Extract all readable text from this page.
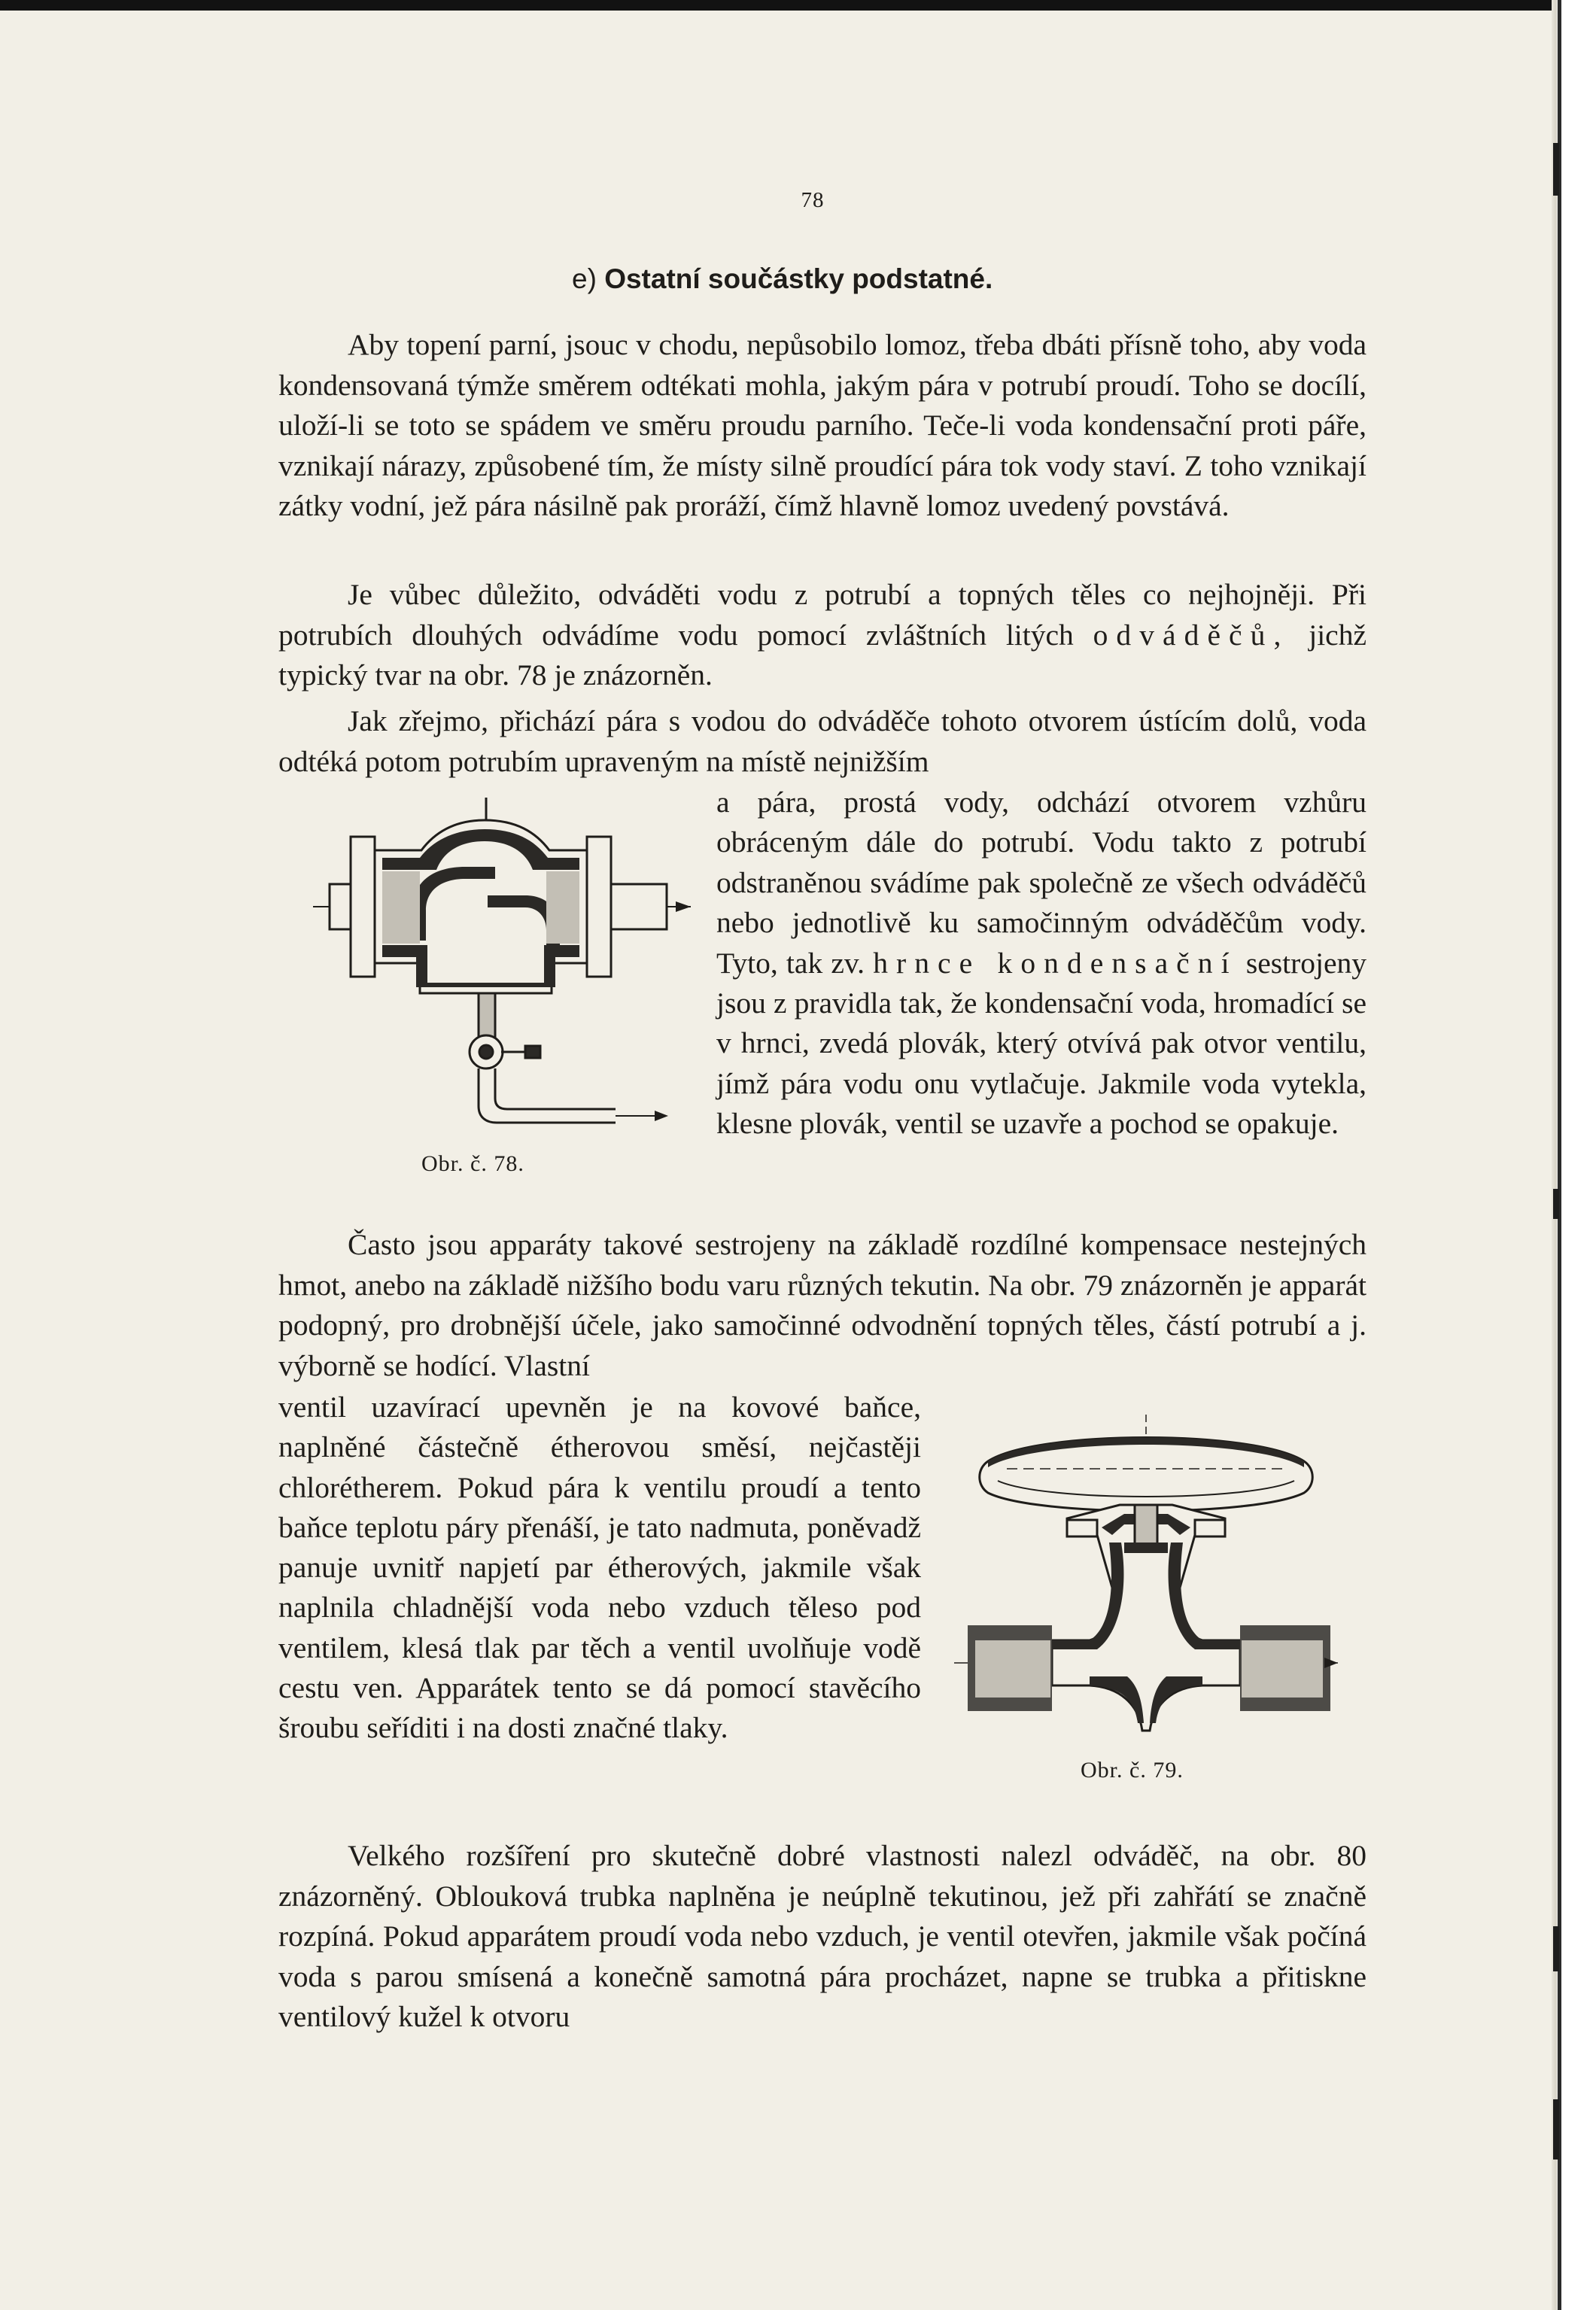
78
e) Ostatní součástky podstatné.

Aby topení parní, jsouc v chodu, nepůsobilo lomoz, třeba dbáti přísně toho, aby voda kondensovaná týmže směrem odtékati mohla, jakým pára v potrubí proudí. Toho se docílí, uloží-li se toto se spádem ve směru proudu parního. Teče-li voda kondensační proti páře, vznikají nárazy, způsobené tím, že místy silně proudící pára tok vody staví. Z toho vznikají zátky vodní, jež pára násilně pak proráží, čímž hlavně lomoz uvedený povstává.

Je vůbec důležito, odváděti vodu z potrubí a topných těles co nejhojněji. Při potrubích dlouhých odvádíme vodu pomocí zvláštních litých odváděčů, jichž typický tvar na obr. 78 je znázorněn.

Jak zřejmo, přichází pára s vodou do odváděče tohoto otvorem ústícím dolů, voda odtéká potom potrubím upraveným na místě nejnižším

a pára, prostá vody, odchází otvorem vzhůru obráceným dále do potrubí. Vodu takto z potrubí odstraněnou svádíme pak společně ze všech odváděčů nebo jednotlivě ku samočinným odváděčům vody. Tyto, tak zv. hrnce kondensační sestrojeny jsou z pravidla tak, že kondensační voda, hromadící se v hrnci, zvedá plovák, který otvívá pak otvor ventilu, jímž pára vodu onu vytlačuje. Jakmile voda vytekla, klesne plovák, ventil se uzavře a pochod se opakuje.

Obr. č. 78.

Často jsou apparáty takové sestrojeny na základě rozdílné kompensace nestejných hmot, anebo na základě nižšího bodu varu různých tekutin. Na obr. 79 znázorněn je apparát podopný, pro drobnější účele, jako samočinné odvodnění topných těles, částí potrubí a j. výborně se hodící. Vlastní

ventil uzavírací upevněn je na kovové baňce, naplněné částečně étherovou směsí, nejčastěji chlorétherem. Pokud pára k ventilu proudí a tento baňce teplotu páry přenáší, je tato nadmuta, poněvadž panuje uvnitř napjetí par étherových, jakmile však naplnila chladnější voda nebo vzduch těleso pod ventilem, klesá tlak par těch a ventil uvolňuje vodě cestu ven. Apparátek tento se dá pomocí stavěcího šroubu seříditi i na dosti značné tlaky.

Obr. č. 79.

Velkého rozšíření pro skutečně dobré vlastnosti nalezl odváděč, na obr. 80 znázorněný. Oblouková trubka naplněna je neúplně tekutinou, jež při zahřátí se značně rozpíná. Pokud apparátem proudí voda nebo vzduch, je ventil otevřen, jakmile však počíná voda s parou smísená a konečně samotná pára procházet, napne se trubka a přitiskne ventilový kužel k otvoru
